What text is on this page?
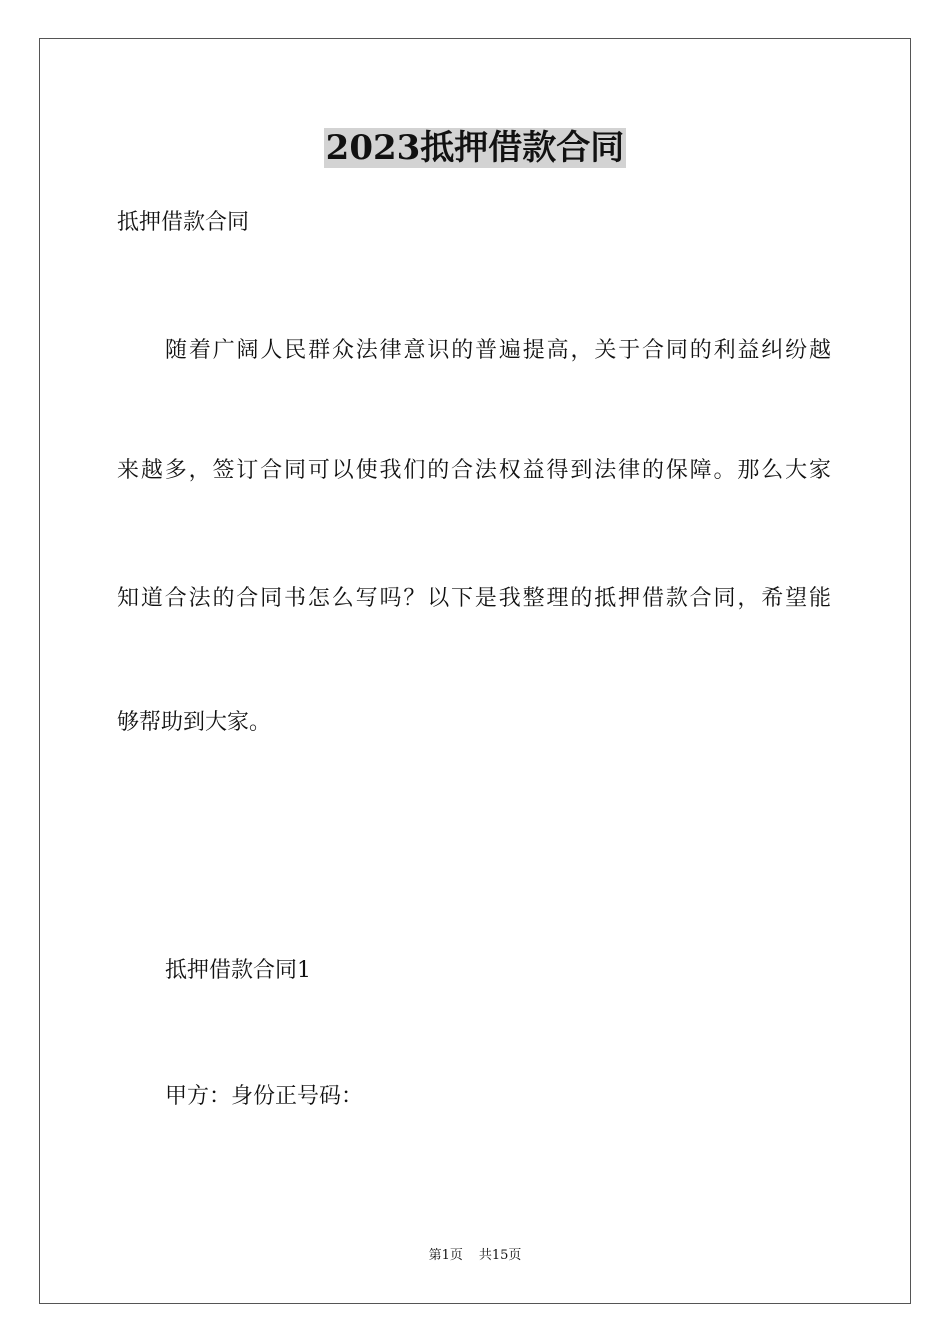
2023抵押借款合同

抵押借款合同

随着广阔人民群众法律意识的普遍提高，关于合同的利益纠纷越

来越多，签订合同可以使我们的合法权益得到法律的保障。那么大家

知道合法的合同书怎么写吗？以下是我整理的抵押借款合同，希望能

够帮助到大家。

抵押借款合同1

甲方：身份正号码：

第1页 共15页
